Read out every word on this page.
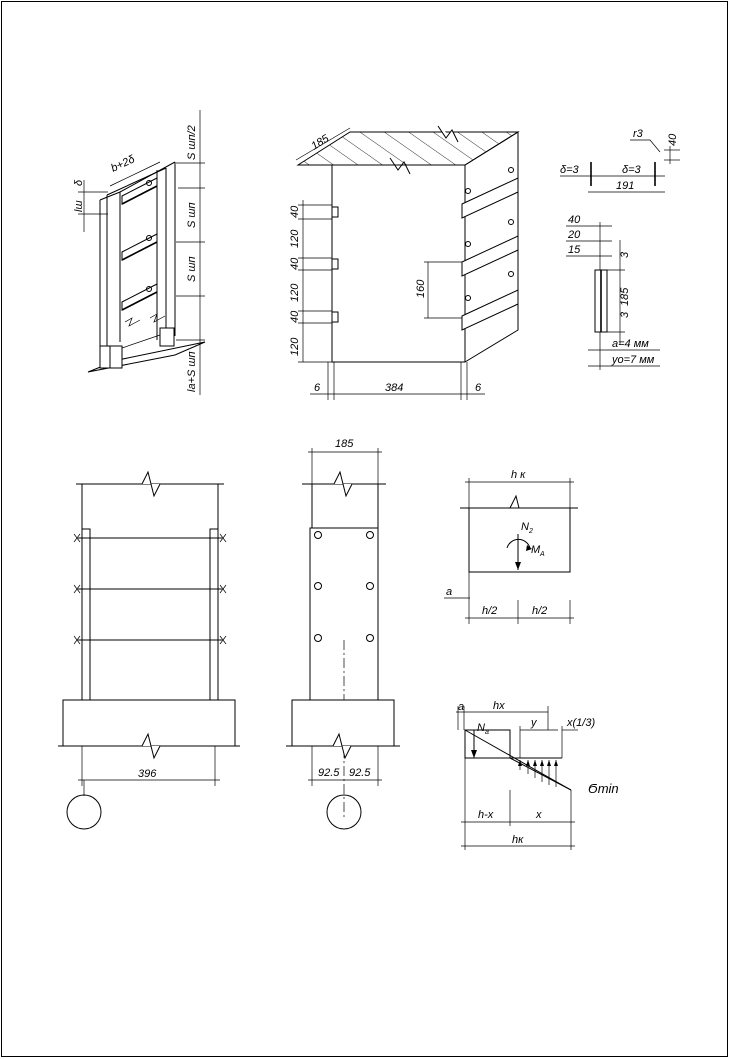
b+2δ
δ
lш
S шп/2
S шп
S шп
lа+S шп
185
40
120
40
120
40
120
160
6	384	6
r3 40
δ=3	δ=3
191
40
20
15	3
185
3
a=4 мм
yo=7 мм
396
185
92.5 92.5
h к
N 2
M A
a
h/2	h/2
a	hx
y	x(1/3)
N a
Ϭmin
h-x	x
hк
